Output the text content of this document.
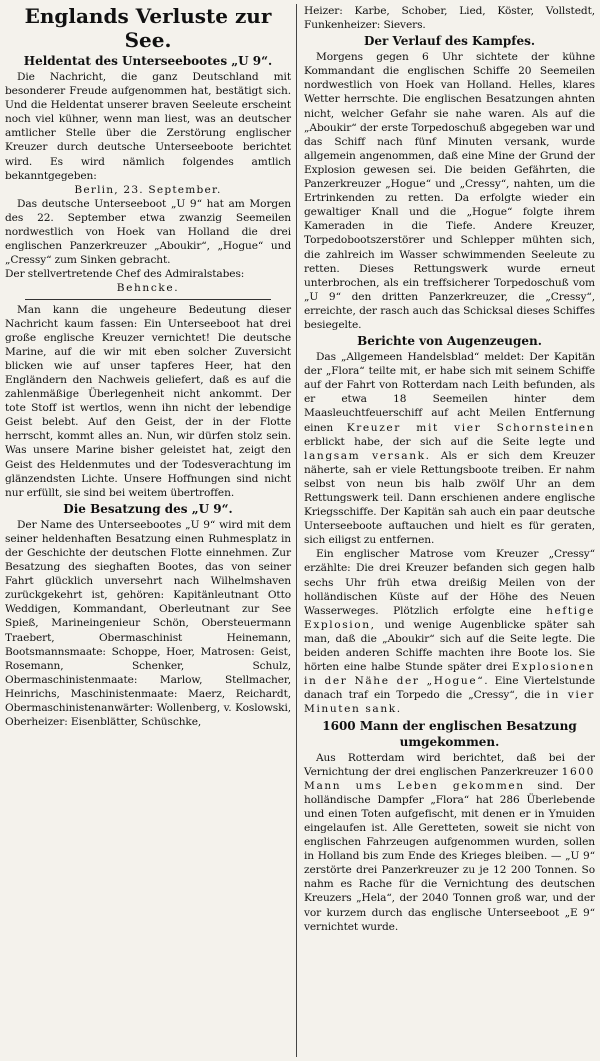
Englands Verluste zur See.
Heldentat des Unterseebootes „U 9“.

Die Nachricht, die ganz Deutschland mit besonderer Freude aufgenommen hat, bestätigt sich. Und die Heldentat unserer braven Seeleute erscheint noch viel kühner, wenn man liest, was an deutscher amtlicher Stelle über die Zerstörung englischer Kreuzer durch deutsche Unterseeboote berichtet wird. Es wird nämlich folgendes amtlich bekanntgegeben:

Berlin, 23. September.

Das deutsche Unterseeboot „U 9“ hat am Morgen des 22. September etwa zwanzig Seemeilen nordwestlich von Hoek van Holland die drei englischen Panzerkreuzer „Aboukir“, „Hogue“ und „Cressy“ zum Sinken gebracht.

Der stellvertretende Chef des Admiralstabes:

Behncke.

Man kann die ungeheure Bedeutung dieser Nachricht kaum fassen: Ein Unterseeboot hat drei große englische Kreuzer vernichtet! Die deutsche Marine, auf die wir mit eben solcher Zuversicht blicken wie auf unser tapferes Heer, hat den Engländern den Nachweis geliefert, daß es auf die zahlenmäßige Überlegenheit nicht ankommt. Der tote Stoff ist wertlos, wenn ihn nicht der lebendige Geist belebt. Auf den Geist, der in der Flotte herrscht, kommt alles an. Nun, wir dürfen stolz sein. Was unsere Marine bisher geleistet hat, zeigt den Geist des Heldenmutes und der Todesverachtung im glänzendsten Lichte. Unsere Hoffnungen sind nicht nur erfüllt, sie sind bei weitem übertroffen.

Die Besatzung des „U 9“.

Der Name des Unterseebootes „U 9“ wird mit dem seiner heldenhaften Besatzung einen Ruhmesplatz in der Geschichte der deutschen Flotte einnehmen. Zur Besatzung des sieghaften Bootes, das von seiner Fahrt glücklich unversehrt nach Wilhelmshaven zurückgekehrt ist, gehören: Kapitänleutnant Otto Weddigen, Kommandant, Oberleutnant zur See Spieß, Marineingenieur Schön, Obersteuermann Traebert, Obermaschinist Heinemann, Bootsmannsmaate: Schoppe, Hoer, Matrosen: Geist, Rosemann, Schenker, Schulz, Obermaschinistenmaate: Marlow, Stellmacher, Heinrichs, Maschinistenmaate: Maerz, Reichardt, Obermaschinistenanwärter: Wollenberg, v. Koslowski, Oberheizer: Eisenblätter, Schüschke,

Heizer: Karbe, Schober, Lied, Köster, Vollstedt, Funkenheizer: Sievers.

Der Verlauf des Kampfes.

Morgens gegen 6 Uhr sichtete der kühne Kommandant die englischen Schiffe 20 Seemeilen nordwestlich von Hoek van Holland. Helles, klares Wetter herrschte. Die englischen Besatzungen ahnten nicht, welcher Gefahr sie nahe waren. Als auf die „Aboukir“ der erste Torpedoschuß abgegeben war und das Schiff nach fünf Minuten versank, wurde allgemein angenommen, daß eine Mine der Grund der Explosion gewesen sei. Die beiden Gefährten, die Panzerkreuzer „Hogue“ und „Cressy“, nahten, um die Ertrinkenden zu retten. Da erfolgte wieder ein gewaltiger Knall und die „Hogue“ folgte ihrem Kameraden in die Tiefe. Andere Kreuzer, Torpedobootszerstörer und Schlepper mühten sich, die zahlreich im Wasser schwimmenden Seeleute zu retten. Dieses Rettungswerk wurde erneut unterbrochen, als ein treffsicherer Torpedoschuß vom „U 9“ den dritten Panzerkreuzer, die „Cressy“, erreichte, der rasch auch das Schicksal dieses Schiffes besiegelte.

Berichte von Augenzeugen.

Das „Allgemeen Handelsblad“ meldet: Der Kapitän der „Flora“ teilte mit, er habe sich mit seinem Schiffe auf der Fahrt von Rotterdam nach Leith befunden, als er etwa 18 Seemeilen hinter dem Maasleuchtfeuerschiff auf acht Meilen Entfernung einen Kreuzer mit vier Schornsteinen erblickt habe, der sich auf die Seite legte und langsam versank. Als er sich dem Kreuzer näherte, sah er viele Rettungsboote treiben. Er nahm selbst von neun bis halb zwölf Uhr an dem Rettungswerk teil. Dann erschienen andere englische Kriegsschiffe. Der Kapitän sah auch ein paar deutsche Unterseeboote auftauchen und hielt es für geraten, sich eiligst zu entfernen.

Ein englischer Matrose vom Kreuzer „Cressy“ erzählte: Die drei Kreuzer befanden sich gegen halb sechs Uhr früh etwa dreißig Meilen von der holländischen Küste auf der Höhe des Neuen Wasserweges. Plötzlich erfolgte eine heftige Explosion, und wenige Augenblicke später sah man, daß die „Aboukir“ sich auf die Seite legte. Die beiden anderen Schiffe machten ihre Boote los. Sie hörten eine halbe Stunde später drei Explosionen in der Nähe der „Hogue“. Eine Viertelstunde danach traf ein Torpedo die „Cressy“, die in vier Minuten sank.

1600 Mann der englischen Besatzung umgekommen.

Aus Rotterdam wird berichtet, daß bei der Vernichtung der drei englischen Panzerkreuzer 1600 Mann ums Leben gekommen sind. Der holländische Dampfer „Flora“ hat 286 Überlebende und einen Toten aufgefischt, mit denen er in Ymuiden eingelaufen ist. Alle Geretteten, soweit sie nicht von englischen Fahrzeugen aufgenommen wurden, sollen in Holland bis zum Ende des Krieges bleiben. — „U 9“ zerstörte drei Panzerkreuzer zu je 12 200 Tonnen. So nahm es Rache für die Vernichtung des deutschen Kreuzers „Hela“, der 2040 Tonnen groß war, und der vor kurzem durch das englische Unterseeboot „E 9“ vernichtet wurde.
